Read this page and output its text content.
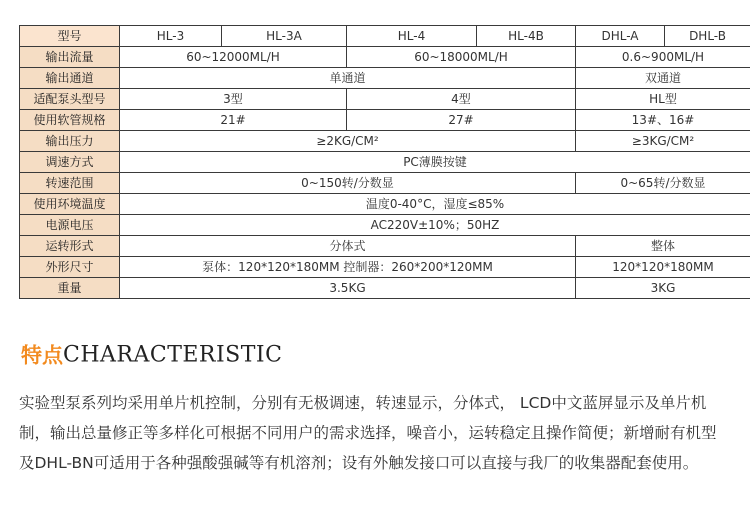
型号	HL-3	HL-3A	HL-4	HL-4B	DHL-A	DHL-B
输出流量	60~12000ML/H		60~18000ML/H		0.6~900ML/H	
输出通道	单通道				双通道	
适配泵头型号	3型		4型		HL型	
使用软管规格	21#		27#		13#、16#	
输出压力	≥2KG/CM²				≥3KG/CM²	
调速方式	PC薄膜按键					
转速范围	0~150转/分数显				0~65转/分数显	
使用环境温度	温度0-40°C，湿度≤85%					
电源电压	AC220V±10%；50HZ					
运转形式	分体式				整体	
外形尺寸	泵体：120*120*180MM 控制器：260*200*120MM				120*120*180MM	
重量	3.5KG				3KG	
特点CHARACTERISTIC
实验型泵系列均采用单片机控制，分别有无极调速，转速显示，分体式， LCD中文蓝屏显示及单片机
制，输出总量修正等多样化可根据不同用户的需求选择，噪音小，运转稳定且操作简便；新增耐有机型
及DHL-BN可适用于各种强酸强碱等有机溶剂；设有外触发接口可以直接与我厂的收集器配套使用。
